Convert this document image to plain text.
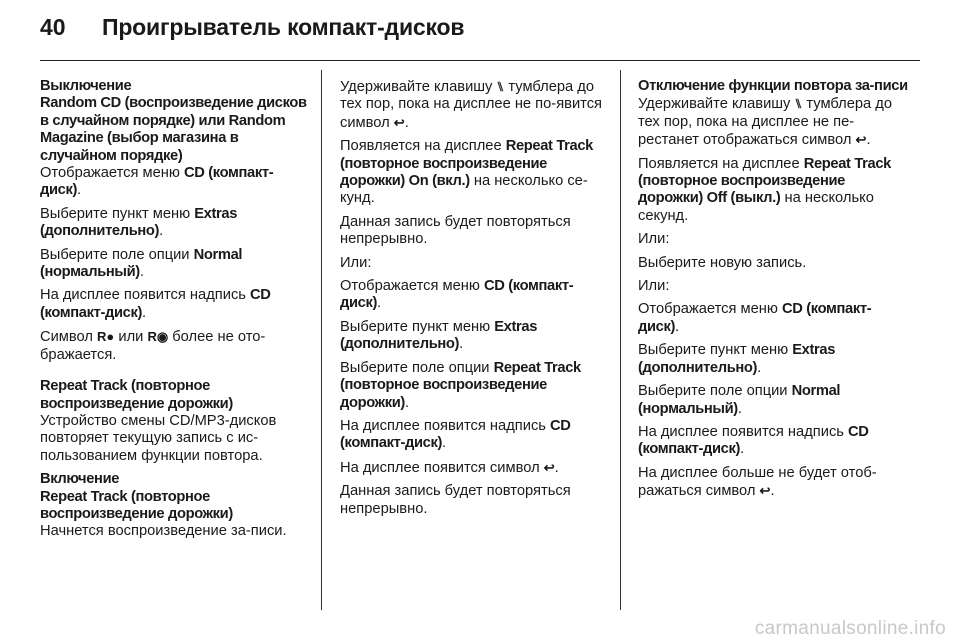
40	Проигрыватель компакт-дисков
Выключение
Random CD (воспроизведение дисков в случайном порядке) или Random Magazine (выбор магазина в случайном порядке)

Отображается меню CD (компакт-диск).

Выберите пункт меню Extras (дополнительно).

Выберите поле опции Normal (нормальный).

На дисплее появится надпись CD (компакт-диск).

Символ R● или R◉ более не ото-бражается.

Repeat Track (повторное воспроизведение дорожки)

Устройство смены CD/MP3-дисков повторяет текущую запись с ис-пользованием функции повтора.

Включение
Repeat Track (повторное воспроизведение дорожки)

Начнется воспроизведение за-писи.

Удерживайте клавишу ⑊ тумблера до тех пор, пока на дисплее не по-явится символ ↩.

Появляется на дисплее Repeat Track (повторное воспроизведение дорожки) On (вкл.) на несколько се-кунд.

Данная запись будет повторяться непрерывно.

Или:

Отображается меню CD (компакт-диск).

Выберите пункт меню Extras (дополнительно).

Выберите поле опции Repeat Track (повторное воспроизведение дорожки).

На дисплее появится надпись CD (компакт-диск).

На дисплее появится символ ↩.

Данная запись будет повторяться непрерывно.

Отключение функции повтора за-писи

Удерживайте клавишу ⑊ тумблера до тех пор, пока на дисплее не пе-рестанет отображаться символ ↩.

Появляется на дисплее Repeat Track (повторное воспроизведение дорожки) Off (выкл.) на несколько секунд.

Или:

Выберите новую запись.

Или:

Отображается меню CD (компакт-диск).

Выберите пункт меню Extras (дополнительно).

Выберите поле опции Normal (нормальный).

На дисплее появится надпись CD (компакт-диск).

На дисплее больше не будет отоб-ражаться символ ↩.

carmanualsonline.info
